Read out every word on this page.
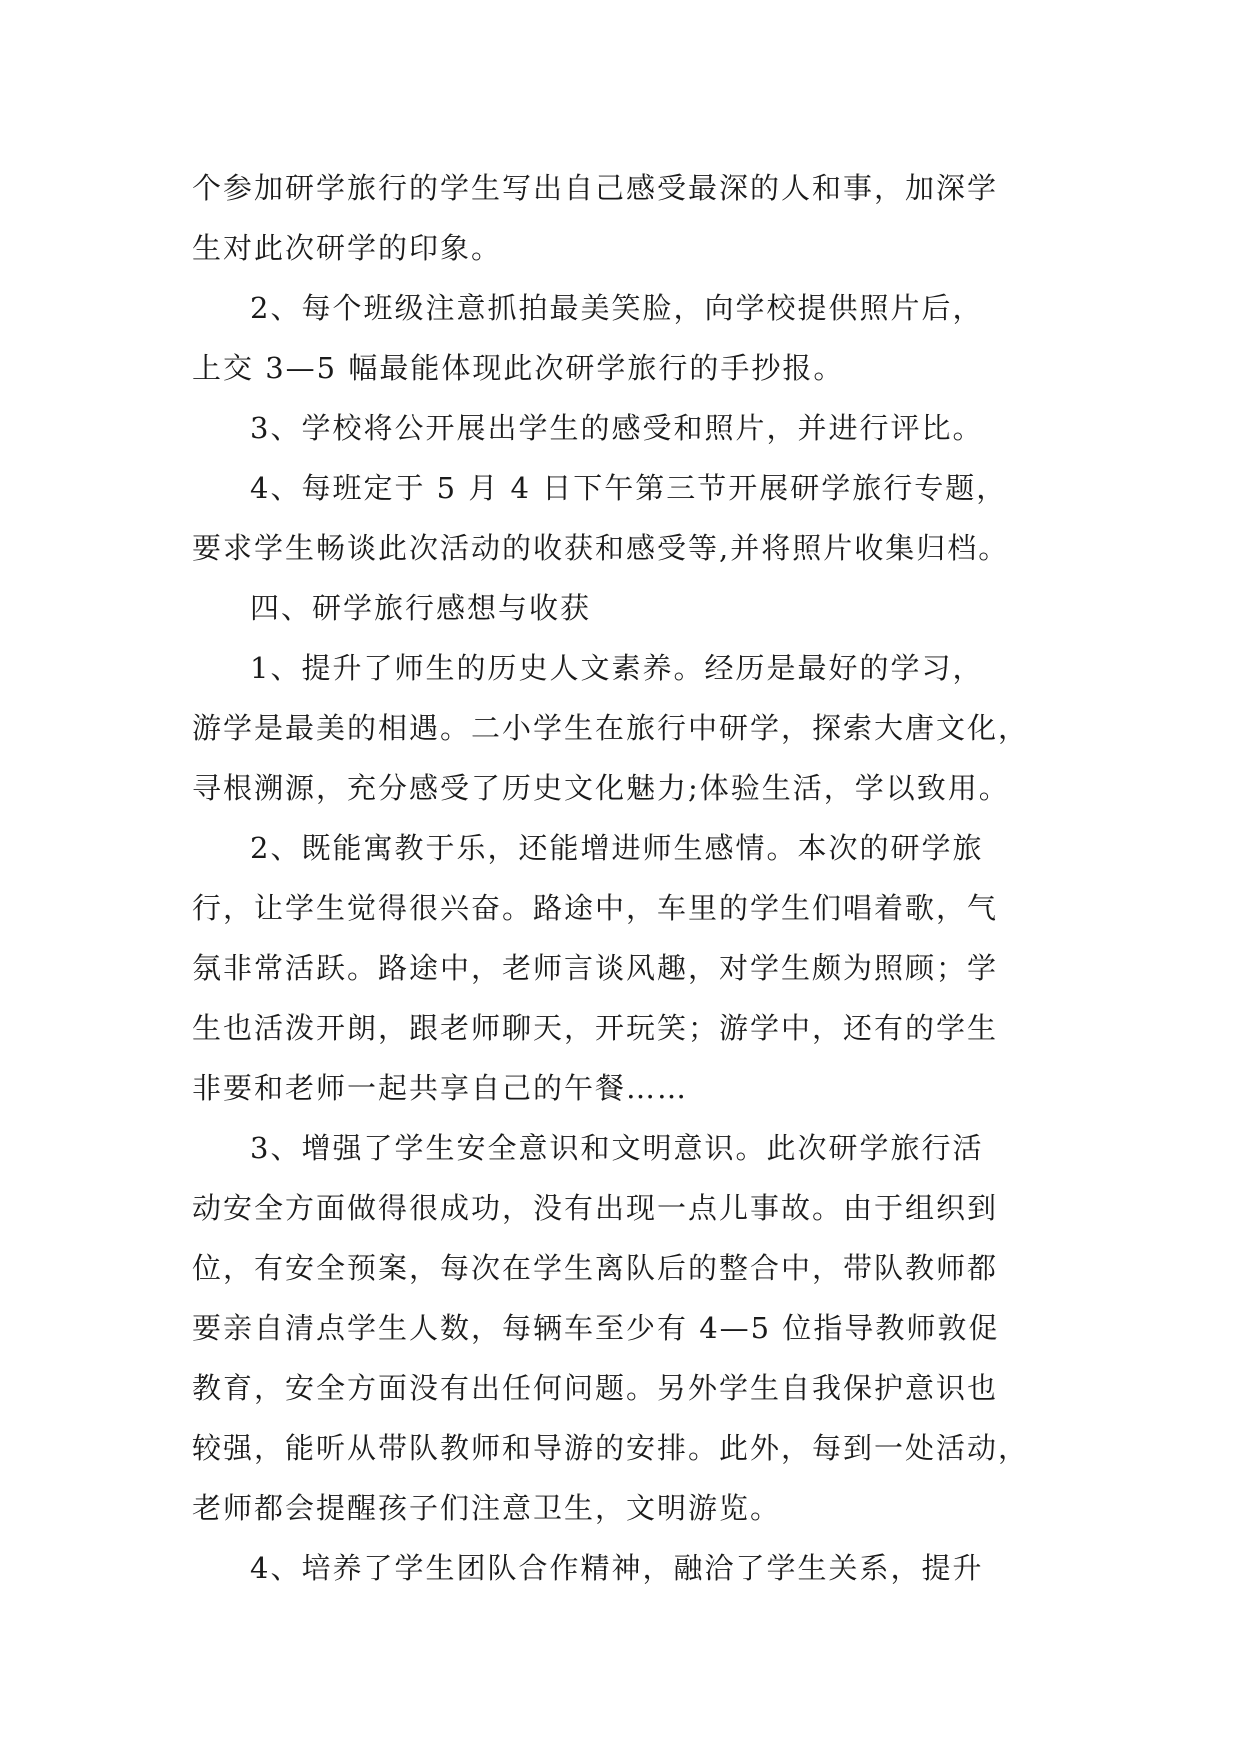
个参加研学旅行的学生写出自己感受最深的人和事，加深学
生对此次研学的印象。

2、每个班级注意抓拍最美笑脸，向学校提供照片后，
上交 3—5 幅最能体现此次研学旅行的手抄报。

3、学校将公开展出学生的感受和照片，并进行评比。

4、每班定于 5 月 4 日下午第三节开展研学旅行专题，
要求学生畅谈此次活动的收获和感受等,并将照片收集归档。

四、研学旅行感想与收获

1、提升了师生的历史人文素养。经历是最好的学习，
游学是最美的相遇。二小学生在旅行中研学，探索大唐文化，
寻根溯源，充分感受了历史文化魅力;体验生活，学以致用。

2、既能寓教于乐，还能增进师生感情。本次的研学旅
行，让学生觉得很兴奋。路途中，车里的学生们唱着歌，气
氛非常活跃。路途中，老师言谈风趣，对学生颇为照顾；学
生也活泼开朗，跟老师聊天，开玩笑；游学中，还有的学生
非要和老师一起共享自己的午餐……

3、增强了学生安全意识和文明意识。此次研学旅行活
动安全方面做得很成功，没有出现一点儿事故。由于组织到
位，有安全预案，每次在学生离队后的整合中，带队教师都
要亲自清点学生人数，每辆车至少有 4—5 位指导教师敦促
教育，安全方面没有出任何问题。另外学生自我保护意识也
较强，能听从带队教师和导游的安排。此外，每到一处活动，
老师都会提醒孩子们注意卫生，文明游览。

4、培养了学生团队合作精神，融洽了学生关系，提升
